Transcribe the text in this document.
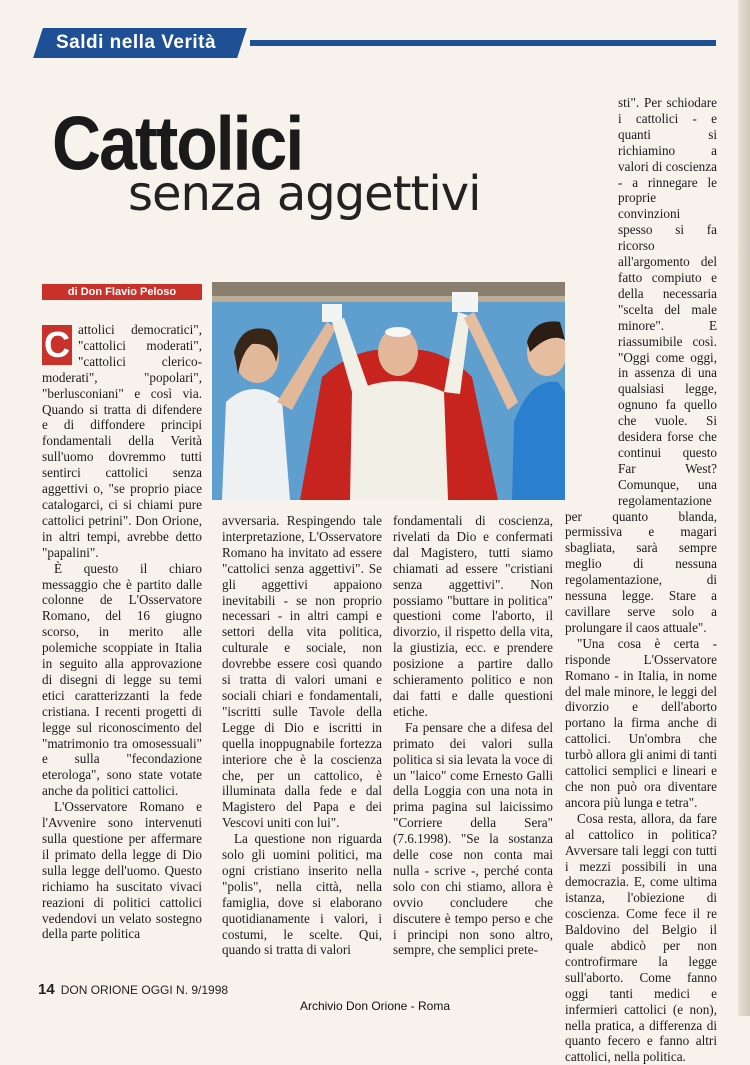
Saldi nella Verità
Cattolici
senza aggettivi
di Don Flavio Peloso
C attolici democratici", "cattolici moderati", "cattolici clerico-moderati", "popolari", "berlusconiani" e così via. Quando si tratta di difendere e di diffondere principi fondamentali della Verità sull'uomo dovremmo tutti sentirci cattolici senza aggettivi o, "se proprio piace catalogarci, ci si chiami pure cattolici petrini". Don Orione, in altri tempi, avrebbe detto "papalini".

È questo il chiaro messaggio che è partito dalle colonne de L'Osservatore Romano, del 16 giugno scorso, in merito alle polemiche scoppiate in Italia in seguito alla approvazione di disegni di legge su temi etici caratterizzanti la fede cristiana. I recenti progetti di legge sul riconoscimento del "matrimonio tra omosessuali" e sulla "fecondazione eterologa", sono state votate anche da politici cattolici.

L'Osservatore Romano e l'Avvenire sono intervenuti sulla questione per affermare il primato della legge di Dio sulla legge dell'uomo. Questo richiamo ha suscitato vivaci reazioni di politici cattolici vedendovi un velato sostegno della parte politica

avversaria. Respingendo tale interpretazione, L'Osservatore Romano ha invitato ad essere "cattolici senza aggettivi". Se gli aggettivi appaiono inevitabili - se non proprio necessari - in altri campi e settori della vita politica, culturale e sociale, non dovrebbe essere così quando si tratta di valori umani e sociali chiari e fondamentali, "iscritti sulle Tavole della Legge di Dio e iscritti in quella inoppugnabile fortezza interiore che è la coscienza che, per un cattolico, è illuminata dalla fede e dal Magistero del Papa e dei Vescovi uniti con lui".

La questione non riguarda solo gli uomini politici, ma ogni cristiano inserito nella "polis", nella città, nella famiglia, dove si elaborano quotidianamente i valori, i costumi, le scelte. Qui, quando si tratta di valori

fondamentali di coscienza, rivelati da Dio e confermati dal Magistero, tutti siamo chiamati ad essere "cristiani senza aggettivi". Non possiamo "buttare in politica" questioni come l'aborto, il divorzio, il rispetto della vita, la giustizia, ecc. e prendere posizione a partire dallo schieramento politico e non dai fatti e dalle questioni etiche.

Fa pensare che a difesa del primato dei valori sulla politica si sia levata la voce di un "laico" come Ernesto Galli della Loggia con una nota in prima pagina sul laicissimo "Corriere della Sera" (7.6.1998). "Se la sostanza delle cose non conta mai nulla - scrive -, perché conta solo con chi stiamo, allora è ovvio concludere che discutere è tempo perso e che i principi non sono altro, sempre, che semplici prete-

sti". Per schiodare i cattolici - e quanti si richiamino a valori di coscienza - a rinnegare le proprie convinzioni spesso si fa ricorso all'argomento del fatto compiuto e della necessaria "scelta del male minore". E riassumibile così. "Oggi come oggi, in assenza di una qualsiasi legge, ognuno fa quello che vuole. Si desidera forse che continui questo Far West? Comunque, una regolamentazione per quanto blanda, permissiva e magari sbagliata, sarà sempre meglio di nessuna regolamentazione, di nessuna legge. Stare a cavillare serve solo a prolungare il caos attuale".

"Una cosa è certa - risponde L'Osservatore Romano - in Italia, in nome del male minore, le leggi del divorzio e dell'aborto portano la firma anche di cattolici. Un'ombra che turbò allora gli animi di tanti cattolici semplici e lineari e che non può ora diventare ancora più lunga e tetra".

Cosa resta, allora, da fare al cattolico in politica? Avversare tali leggi con tutti i mezzi possibili in una democrazia. E, come ultima istanza, l'obiezione di coscienza. Come fece il re Baldovino del Belgio il quale abdicò per non controfirmare la legge sull'aborto. Come fanno oggi tanti medici e infermieri cattolici (e non), nella pratica, a differenza di quanto fecero e fanno altri cattolici, nella politica.

14 DON ORIONE OGGI N. 9/1998
Archivio Don Orione - Roma
